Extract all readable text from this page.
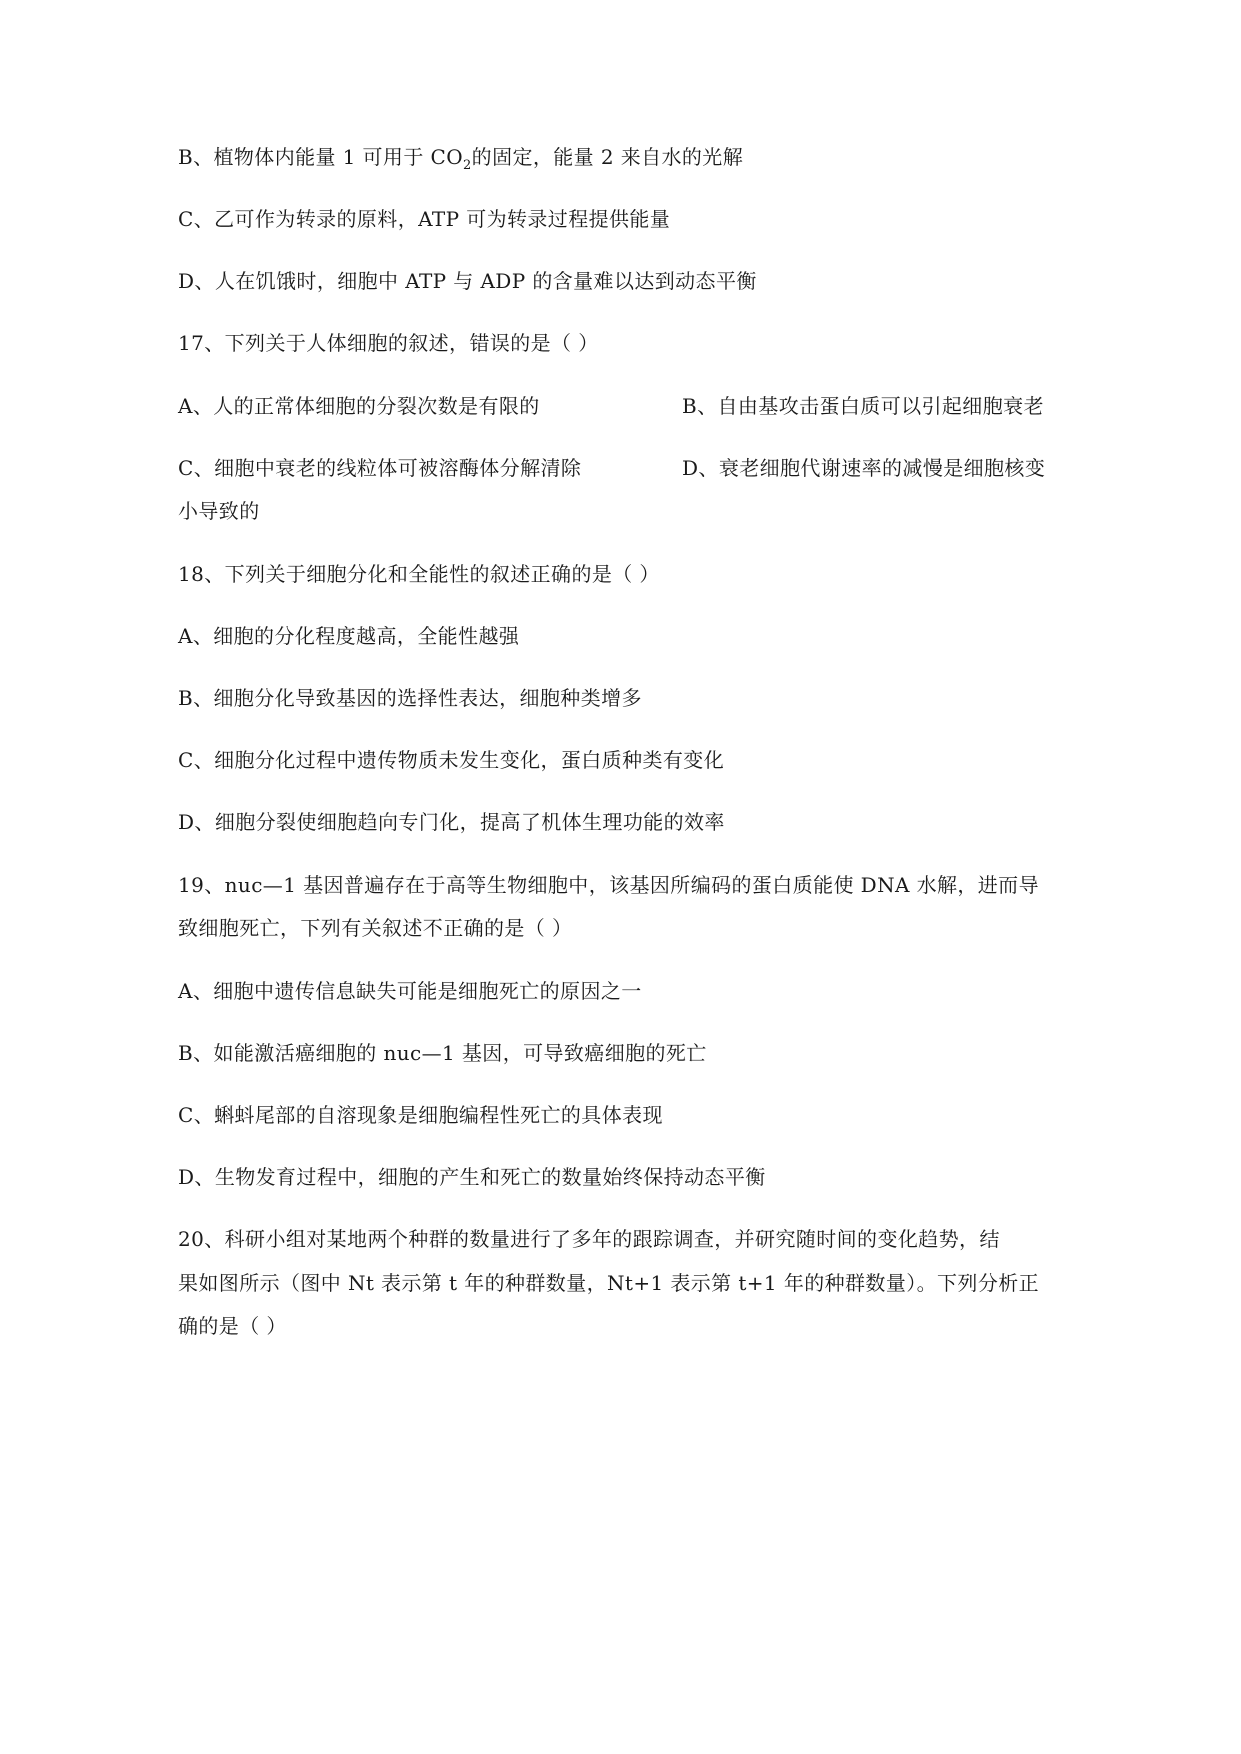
B、植物体内能量 1 可用于 $CO_2$的固定，能量 2 来自水的光解
C、乙可作为转录的原料，ATP 可为转录过程提供能量
D、人在饥饿时，细胞中 ATP 与 ADP 的含量难以达到动态平衡
17、下列关于人体细胞的叙述，错误的是（ ）
A、人的正常体细胞的分裂次数是有限的	B、自由基攻击蛋白质可以引起细胞衰老
C、细胞中衰老的线粒体可被溶酶体分解清除	D、衰老细胞代谢速率的减慢是细胞核变
小导致的
18、下列关于细胞分化和全能性的叙述正确的是（ ）
A、细胞的分化程度越高，全能性越强
B、细胞分化导致基因的选择性表达，细胞种类增多
C、细胞分化过程中遗传物质未发生变化，蛋白质种类有变化
D、细胞分裂使细胞趋向专门化，提高了机体生理功能的效率
19、nuc—1 基因普遍存在于高等生物细胞中，该基因所编码的蛋白质能使 DNA 水解，进而导
致细胞死亡，下列有关叙述不正确的是（ ）
A、细胞中遗传信息缺失可能是细胞死亡的原因之一
B、如能激活癌细胞的 nuc—1 基因，可导致癌细胞的死亡
C、蝌蚪尾部的自溶现象是细胞编程性死亡的具体表现
D、生物发育过程中，细胞的产生和死亡的数量始终保持动态平衡
20、科研小组对某地两个种群的数量进行了多年的跟踪调查，并研究随时间的变化趋势，结
果如图所示（图中 Nt 表示第 t 年的种群数量，Nt+1 表示第 t+1 年的种群数量）。下列分析正
确的是（ ）
